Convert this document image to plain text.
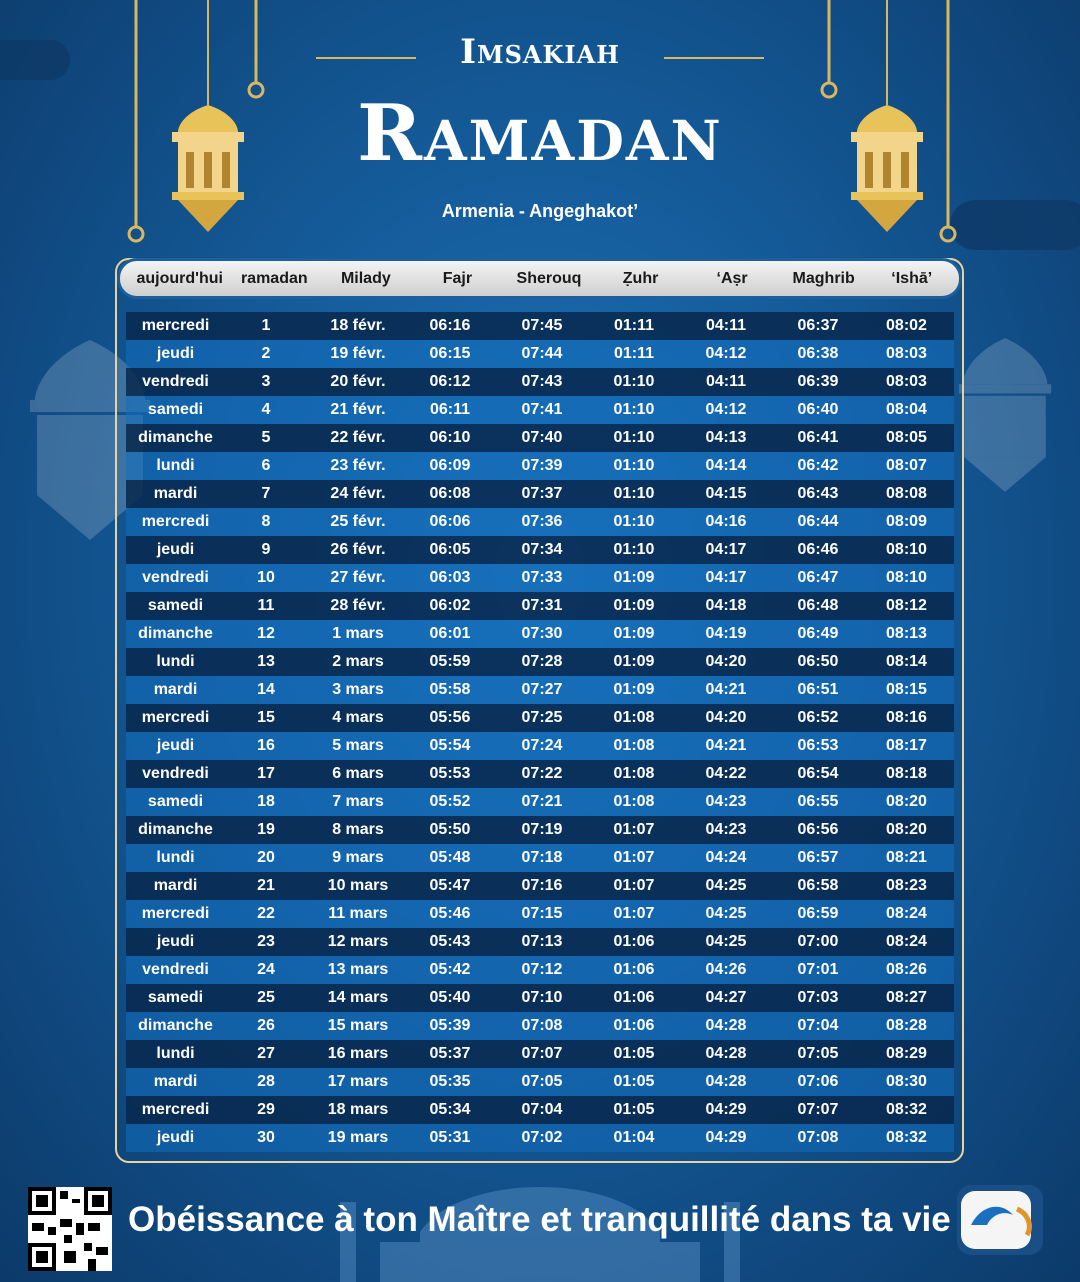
Imsakiah
Ramadan
Armenia - Angeghakot’
aujourd'hui	ramadan	Milady	Fajr	Sherouq	Ẓuhr	‘Aṣr	Maghrib	‘Ishā’
mercredi	1	18 févr.	06:16	07:45	01:11	04:11	06:37	08:02
jeudi	2	19 févr.	06:15	07:44	01:11	04:12	06:38	08:03
vendredi	3	20 févr.	06:12	07:43	01:10	04:11	06:39	08:03
samedi	4	21 févr.	06:11	07:41	01:10	04:12	06:40	08:04
dimanche	5	22 févr.	06:10	07:40	01:10	04:13	06:41	08:05
lundi	6	23 févr.	06:09	07:39	01:10	04:14	06:42	08:07
mardi	7	24 févr.	06:08	07:37	01:10	04:15	06:43	08:08
mercredi	8	25 févr.	06:06	07:36	01:10	04:16	06:44	08:09
jeudi	9	26 févr.	06:05	07:34	01:10	04:17	06:46	08:10
vendredi	10	27 févr.	06:03	07:33	01:09	04:17	06:47	08:10
samedi	11	28 févr.	06:02	07:31	01:09	04:18	06:48	08:12
dimanche	12	1 mars	06:01	07:30	01:09	04:19	06:49	08:13
lundi	13	2 mars	05:59	07:28	01:09	04:20	06:50	08:14
mardi	14	3 mars	05:58	07:27	01:09	04:21	06:51	08:15
mercredi	15	4 mars	05:56	07:25	01:08	04:20	06:52	08:16
jeudi	16	5 mars	05:54	07:24	01:08	04:21	06:53	08:17
vendredi	17	6 mars	05:53	07:22	01:08	04:22	06:54	08:18
samedi	18	7 mars	05:52	07:21	01:08	04:23	06:55	08:20
dimanche	19	8 mars	05:50	07:19	01:07	04:23	06:56	08:20
lundi	20	9 mars	05:48	07:18	01:07	04:24	06:57	08:21
mardi	21	10 mars	05:47	07:16	01:07	04:25	06:58	08:23
mercredi	22	11 mars	05:46	07:15	01:07	04:25	06:59	08:24
jeudi	23	12 mars	05:43	07:13	01:06	04:25	07:00	08:24
vendredi	24	13 mars	05:42	07:12	01:06	04:26	07:01	08:26
samedi	25	14 mars	05:40	07:10	01:06	04:27	07:03	08:27
dimanche	26	15 mars	05:39	07:08	01:06	04:28	07:04	08:28
lundi	27	16 mars	05:37	07:07	01:05	04:28	07:05	08:29
mardi	28	17 mars	05:35	07:05	01:05	04:28	07:06	08:30
mercredi	29	18 mars	05:34	07:04	01:05	04:29	07:07	08:32
jeudi	30	19 mars	05:31	07:02	01:04	04:29	07:08	08:32
Obéissance à ton Maître et tranquillité dans ta vie
